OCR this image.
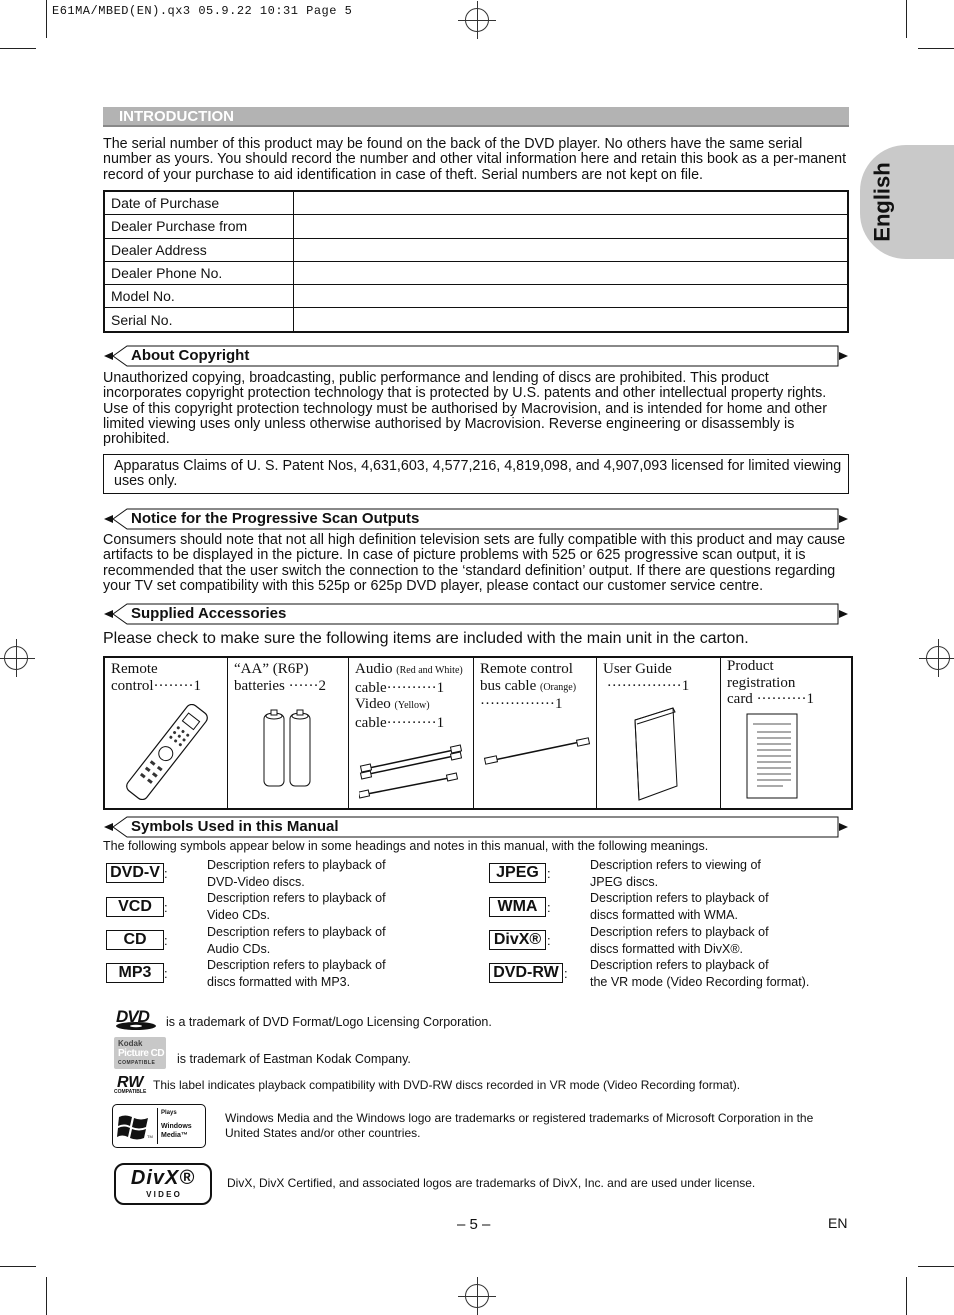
E61MA/MBED(EN).qx3 05.9.22 10:31 Page 5
English
INTRODUCTION
The serial number of this product may be found on the back of the DVD player. No others have the same serial number as yours. You should record the number and other vital information here and retain this book as a per-manent record of your purchase to aid identification in case of theft. Serial numbers are not kept on file.
Date of Purchase	
Dealer Purchase from	
Dealer Address	
Dealer Phone No.	
Model No.	
Serial No.	
About Copyright
Unauthorized copying, broadcasting, public performance and lending of discs are prohibited. This product incorporates copyright protection technology that is protected by U.S. patents and other intellectual property rights. Use of this copyright protection technology must be authorised by Macrovision, and is intended for home and other limited viewing uses only unless otherwise authorised by Macrovision. Reverse engineering or disassembly is prohibited.
Apparatus Claims of U. S. Patent Nos, 4,631,603, 4,577,216, 4,819,098, and 4,907,093 licensed for limited viewing uses only.
Notice for the Progressive Scan Outputs
Consumers should note that not all high definition television sets are fully compatible with this product and may cause artifacts to be displayed in the picture. In case of picture problems with 525 or 625 progressive scan output, it is recommended that the user switch the connection to the ‘standard definition’ output. If there are questions regarding your TV set compatibility with this 525p or 625p DVD player, please contact our customer service centre.
Supplied Accessories
Please check to make sure the following items are included with the main unit in the carton.
Remote
control········1
“AA” (R6P)
batteries ······2
Audio (Red and White)
cable··········1
Video (Yellow)
cable··········1
Remote control
bus cable (Orange)
···············1
User Guide
···············1
Product
registration
card ··········1
Symbols Used in this Manual
The following symbols appear below in some headings and notes in this manual, with the following meanings.
DVD-V :
Description refers to playback of
DVD-Video discs.
VCD :
Description refers to playback of
Video CDs.
CD	:
Description refers to playback of
Audio CDs.
MP3 :
Description refers to playback of
discs formatted with MP3.
JPEG :
Description refers to viewing of
JPEG discs.
WMA :
Description refers to playback of
discs formatted with WMA.
DivX® :
Description refers to playback of
discs formatted with DivX®.
DVD-RW :
Description refers to playback of
the VR mode (Video Recording format).
DVD is a trademark of DVD Format/Logo Licensing Corporation.
Kodak
Picture CD
COMPATIBLE is trademark of Eastman Kodak Company.
RW
COMPATIBLE This label indicates playback compatibility with DVD-RW discs recorded in VR mode (Video Recording format).
TM
Plays
Windows
Media™
Windows Media and the Windows logo are trademarks or registered trademarks of Microsoft Corporation in the United States and/or other countries.
DivX®
V I D E O
DivX, DivX Certified, and associated logos are trademarks of DivX, Inc. and are used under license.
– 5 –	EN
